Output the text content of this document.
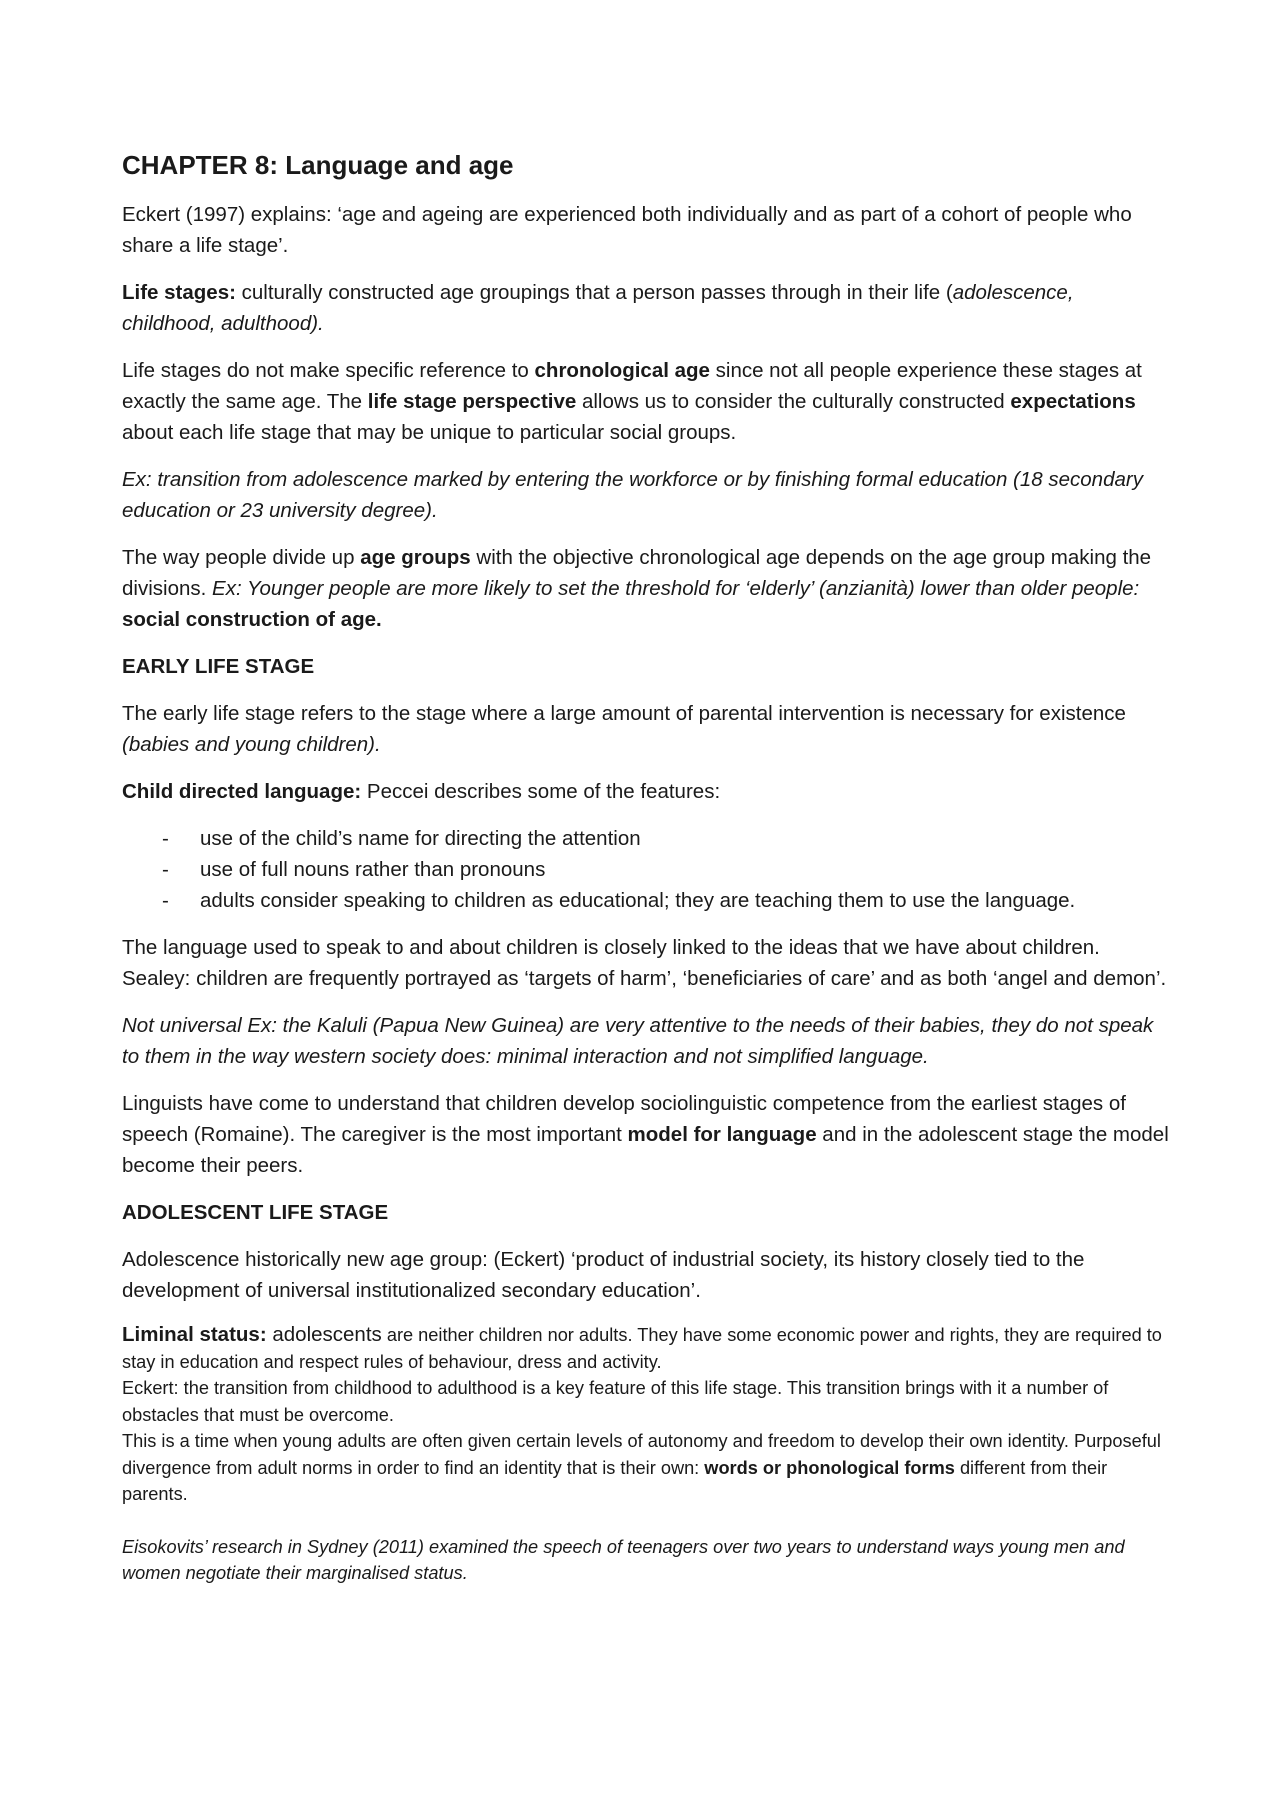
CHAPTER 8: Language and age

Eckert (1997) explains: ‘age and ageing are experienced both individually and as part of a cohort of people who share a life stage’.

Life stages: culturally constructed age groupings that a person passes through in their life (adolescence, childhood, adulthood).

Life stages do not make specific reference to chronological age since not all people experience these stages at exactly the same age. The life stage perspective allows us to consider the culturally constructed expectations about each life stage that may be unique to particular social groups.

Ex: transition from adolescence marked by entering the workforce or by finishing formal education (18 secondary education or 23 university degree).

The way people divide up age groups with the objective chronological age depends on the age group making the divisions. Ex: Younger people are more likely to set the threshold for ‘elderly’ (anzianità) lower than older people: social construction of age.

EARLY LIFE STAGE

The early life stage refers to the stage where a large amount of parental intervention is necessary for existence (babies and young children).

Child directed language: Peccei describes some of the features:

- use of the child’s name for directing the attention
- use of full nouns rather than pronouns
- adults consider speaking to children as educational; they are teaching them to use the language.

The language used to speak to and about children is closely linked to the ideas that we have about children. Sealey: children are frequently portrayed as ‘targets of harm’, ‘beneficiaries of care’ and as both ‘angel and demon’.

Not universal Ex: the Kaluli (Papua New Guinea) are very attentive to the needs of their babies, they do not speak to them in the way western society does: minimal interaction and not simplified language.

Linguists have come to understand that children develop sociolinguistic competence from the earliest stages of speech (Romaine). The caregiver is the most important model for language and in the adolescent stage the model become their peers.

ADOLESCENT LIFE STAGE

Adolescence historically new age group: (Eckert) ‘product of industrial society, its history closely tied to the development of universal institutionalized secondary education’.

Liminal status: adolescents are neither children nor adults. They have some economic power and rights, they are required to stay in education and respect rules of behaviour, dress and activity.

Eckert: the transition from childhood to adulthood is a key feature of this life stage. This transition brings with it a number of obstacles that must be overcome.

This is a time when young adults are often given certain levels of autonomy and freedom to develop their own identity. Purposeful divergence from adult norms in order to find an identity that is their own: words or phonological forms different from their parents.

Eisokovits’ research in Sydney (2011) examined the speech of teenagers over two years to understand ways young men and women negotiate their marginalised status.
